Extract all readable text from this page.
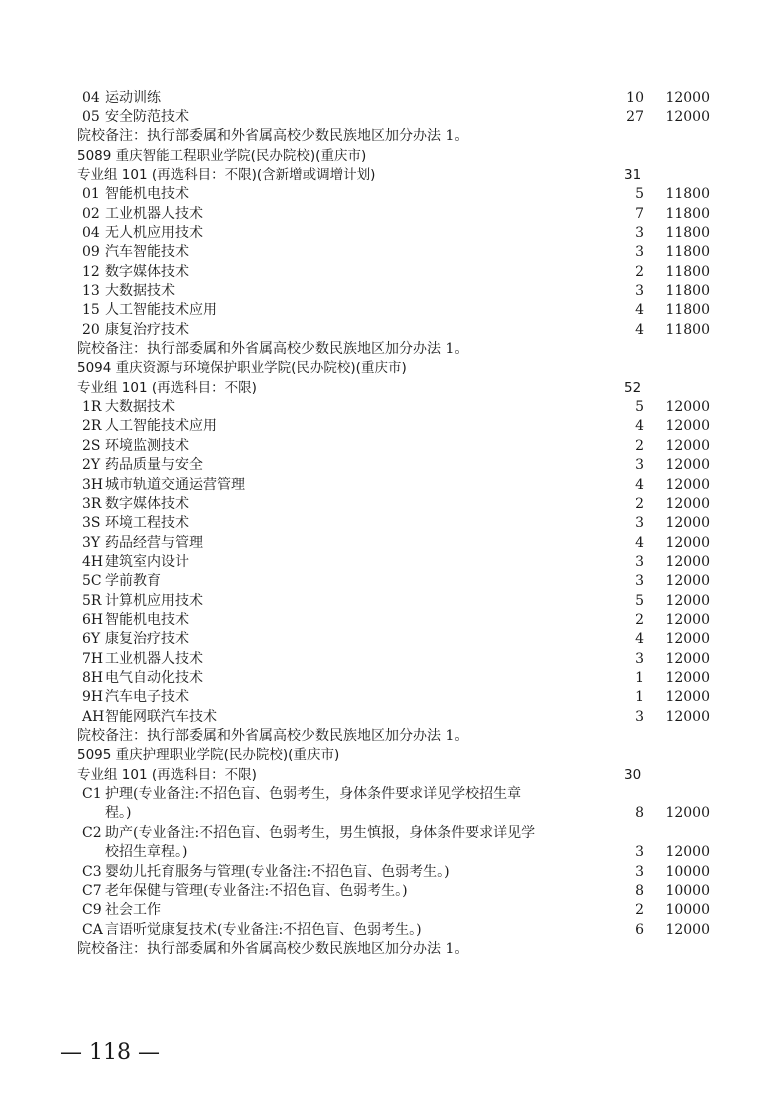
04 运动训练	10	12000
05 安全防范技术	27	12000
院校备注：执行部委属和外省属高校少数民族地区加分办法 1。
5089 重庆智能工程职业学院(民办院校)(重庆市)
专业组 101 (再选科目：不限)(含新增或调增计划)	31
01 智能机电技术	5	11800
02 工业机器人技术	7	11800
04 无人机应用技术	3	11800
09 汽车智能技术	3	11800
12 数字媒体技术	2	11800
13 大数据技术	3	11800
15 人工智能技术应用	4	11800
20 康复治疗技术	4	11800
院校备注：执行部委属和外省属高校少数民族地区加分办法 1。
5094 重庆资源与环境保护职业学院(民办院校)(重庆市)
专业组 101 (再选科目：不限)	52
1R 大数据技术	5	12000
2R 人工智能技术应用	4	12000
2S 环境监测技术	2	12000
2Y 药品质量与安全	3	12000
3H 城市轨道交通运营管理	4	12000
3R 数字媒体技术	2	12000
3S 环境工程技术	3	12000
3Y 药品经营与管理	4	12000
4H 建筑室内设计	3	12000
5C 学前教育	3	12000
5R 计算机应用技术	5	12000
6H 智能机电技术	2	12000
6Y 康复治疗技术	4	12000
7H 工业机器人技术	3	12000
8H 电气自动化技术	1	12000
9H 汽车电子技术	1	12000
AH 智能网联汽车技术	3	12000
院校备注：执行部委属和外省属高校少数民族地区加分办法 1。
5095 重庆护理职业学院(民办院校)(重庆市)
专业组 101 (再选科目：不限)	30
C1 护理(专业备注:不招色盲、色弱考生，身体条件要求详见学校招生章
程。)	8	12000
C2 助产(专业备注:不招色盲、色弱考生，男生慎报，身体条件要求详见学
校招生章程。)	3	12000
C3 婴幼儿托育服务与管理(专业备注:不招色盲、色弱考生。)	3	10000
C7 老年保健与管理(专业备注:不招色盲、色弱考生。)	8	10000
C9 社会工作	2	10000
CA 言语听觉康复技术(专业备注:不招色盲、色弱考生。)	6	12000
院校备注：执行部委属和外省属高校少数民族地区加分办法 1。
— 118 —
